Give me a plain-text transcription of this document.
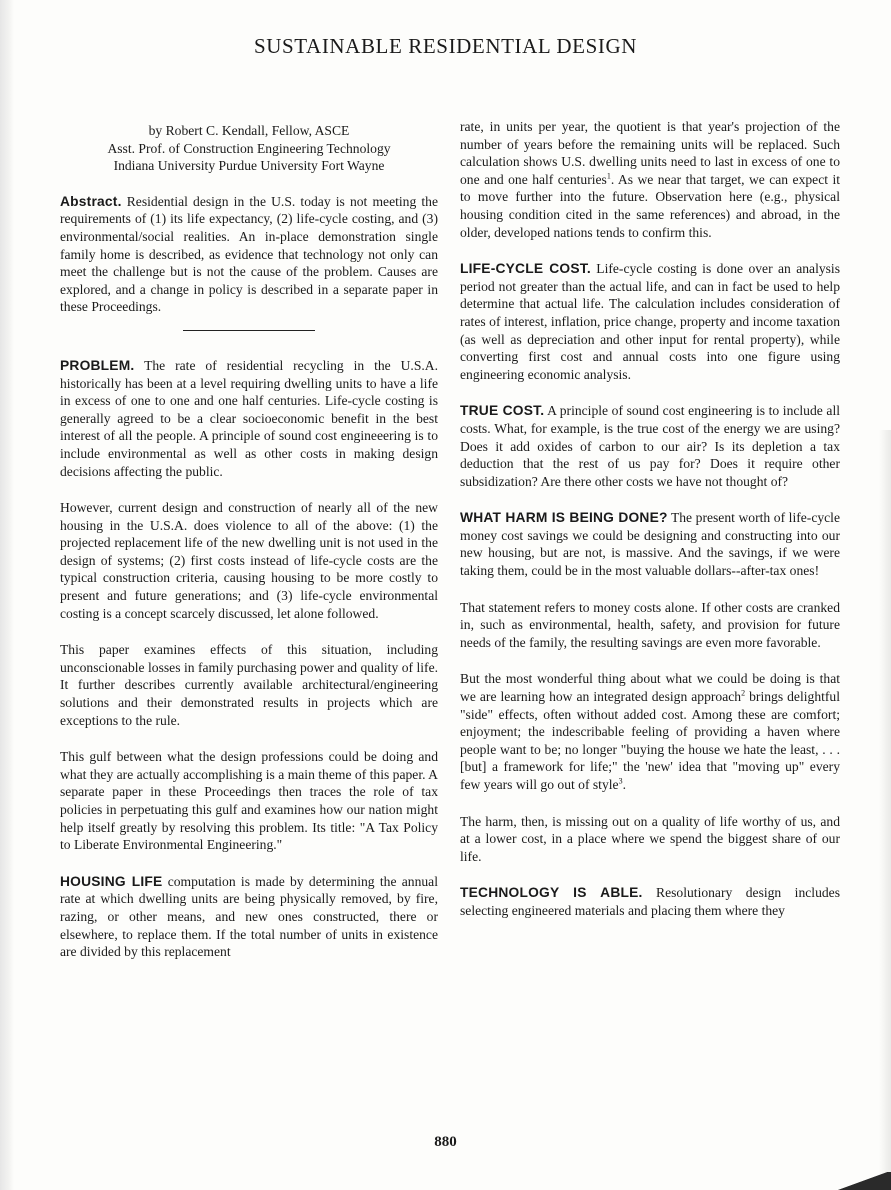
SUSTAINABLE RESIDENTIAL DESIGN
by Robert C. Kendall, Fellow, ASCE
Asst. Prof. of Construction Engineering Technology
Indiana University Purdue University Fort Wayne

Abstract. Residential design in the U.S. today is not meeting the requirements of (1) its life expectancy, (2) life-cycle costing, and (3) environmental/social realities. An in-place demonstration single family home is described, as evidence that technology not only can meet the challenge but is not the cause of the problem. Causes are explored, and a change in policy is described in a separate paper in these Proceedings.

PROBLEM. The rate of residential recycling in the U.S.A. historically has been at a level requiring dwelling units to have a life in excess of one to one and one half centuries. Life-cycle costing is generally agreed to be a clear socioeconomic benefit in the best interest of all the people. A principle of sound cost engineeering is to include environmental as well as other costs in making design decisions affecting the public.

However, current design and construction of nearly all of the new housing in the U.S.A. does violence to all of the above: (1) the projected replacement life of the new dwelling unit is not used in the design of systems; (2) first costs instead of life-cycle costs are the typical construction criteria, causing housing to be more costly to present and future generations; and (3) life-cycle environmental costing is a concept scarcely discussed, let alone followed.

This paper examines effects of this situation, including unconscionable losses in family purchasing power and quality of life. It further describes currently available architectural/engineering solutions and their demonstrated results in projects which are exceptions to the rule.

This gulf between what the design professions could be doing and what they are actually accomplishing is a main theme of this paper. A separate paper in these Proceedings then traces the role of tax policies in perpetuating this gulf and examines how our nation might help itself greatly by resolving this problem. Its title: "A Tax Policy to Liberate Environmental Engineering."

HOUSING LIFE computation is made by determining the annual rate at which dwelling units are being physically removed, by fire, razing, or other means, and new ones constructed, there or elsewhere, to replace them. If the total number of units in existence are divided by this replacement

rate, in units per year, the quotient is that year's projection of the number of years before the remaining units will be replaced. Such calculation shows U.S. dwelling units need to last in excess of one to one and one half centuries$^1$. As we near that target, we can expect it to move further into the future. Observation here (e.g., physical housing condition cited in the same references) and abroad, in the older, developed nations tends to confirm this.

LIFE-CYCLE COST. Life-cycle costing is done over an analysis period not greater than the actual life, and can in fact be used to help determine that actual life. The calculation includes consideration of rates of interest, inflation, price change, property and income taxation (as well as depreciation and other input for rental property), while converting first cost and annual costs into one figure using engineering economic analysis.

TRUE COST. A principle of sound cost engineering is to include all costs. What, for example, is the true cost of the energy we are using? Does it add oxides of carbon to our air? Is its depletion a tax deduction that the rest of us pay for? Does it require other subsidization? Are there other costs we have not thought of?

WHAT HARM IS BEING DONE? The present worth of life-cycle money cost savings we could be designing and constructing into our new housing, but are not, is massive. And the savings, if we were taking them, could be in the most valuable dollars--after-tax ones!

That statement refers to money costs alone. If other costs are cranked in, such as environmental, health, safety, and provision for future needs of the family, the resulting savings are even more favorable.

But the most wonderful thing about what we could be doing is that we are learning how an integrated design approach$^2$ brings delightful "side" effects, often without added cost. Among these are comfort; enjoyment; the indescribable feeling of providing a haven where people want to be; no longer "buying the house we hate the least, . . . [but] a framework for life;" the 'new' idea that "moving up" every few years will go out of style$^3$.

The harm, then, is missing out on a quality of life worthy of us, and at a lower cost, in a place where we spend the biggest share of our life.

TECHNOLOGY IS ABLE. Resolutionary design includes selecting engineered materials and placing them where they

880
